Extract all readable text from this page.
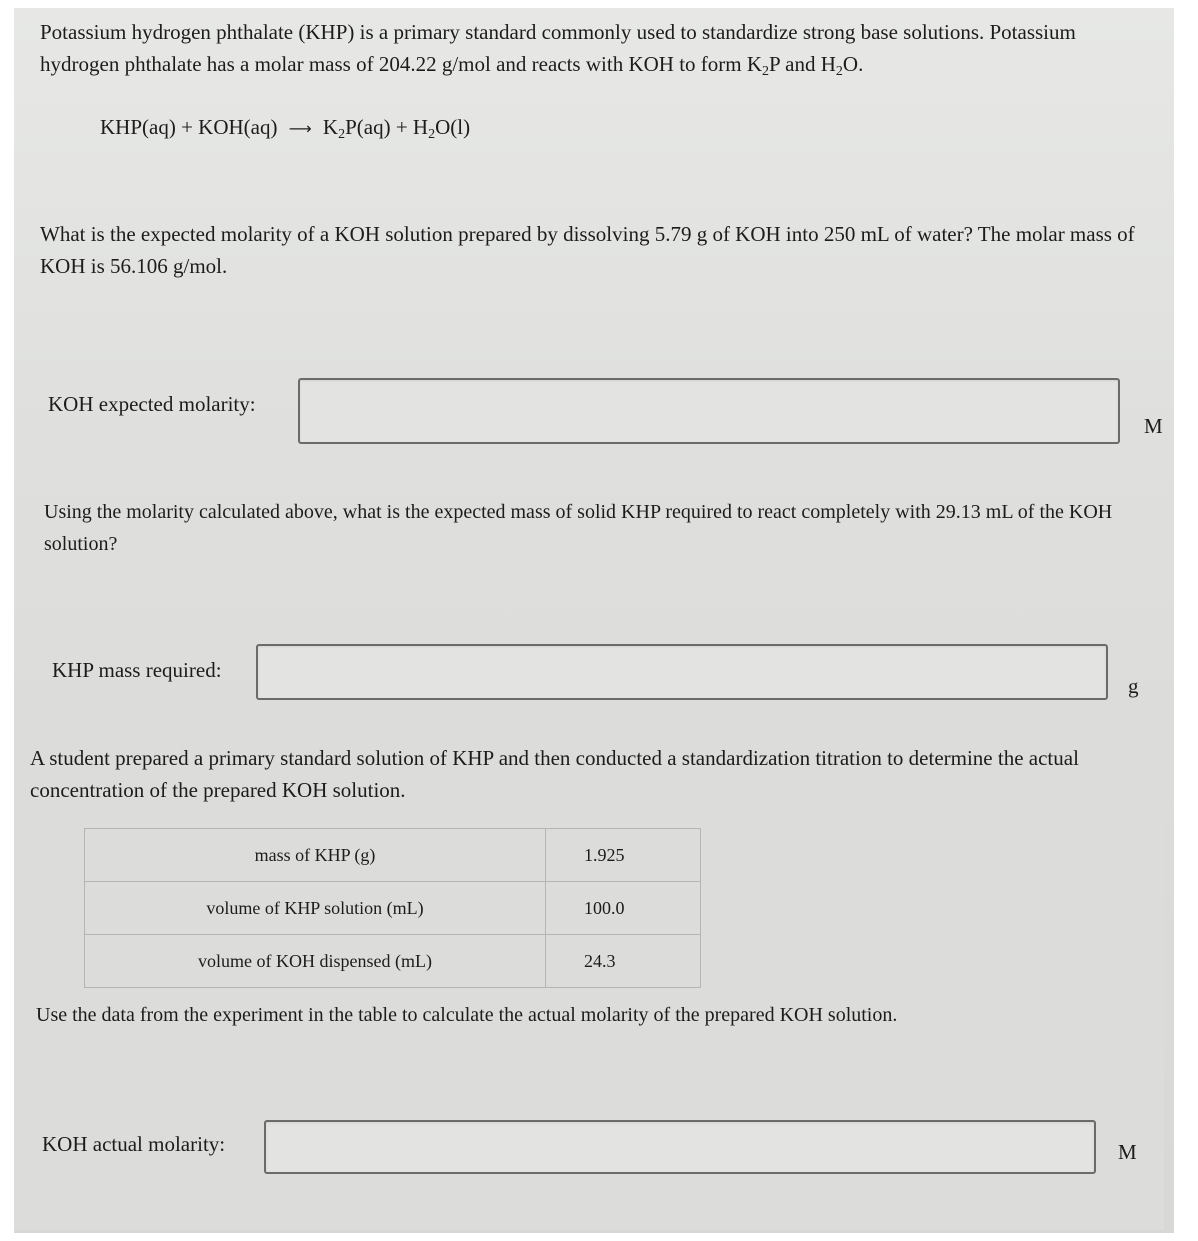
Potassium hydrogen phthalate (KHP) is a primary standard commonly used to standardize strong base solutions. Potassium
hydrogen phthalate has a molar mass of 204.22 g/mol and reacts with KOH to form $K_2P$ and $H_2O$.
KHP(aq) + KOH(aq) ⟶ $K_2P(aq) + H_2O(l)$
What is the expected molarity of a KOH solution prepared by dissolving 5.79 g of KOH into 250 mL of water? The molar mass of KOH is 56.106 g/mol.
KOH expected molarity:
M
Using the molarity calculated above, what is the expected mass of solid KHP required to react completely with 29.13 mL of the KOH solution?
KHP mass required:
g
A student prepared a primary standard solution of KHP and then conducted a standardization titration to determine the actual concentration of the prepared KOH solution.
mass of KHP (g)	1.925
volume of KHP solution (mL)	100.0
volume of KOH dispensed (mL)	24.3
Use the data from the experiment in the table to calculate the actual molarity of the prepared KOH solution.
KOH actual molarity:	M
